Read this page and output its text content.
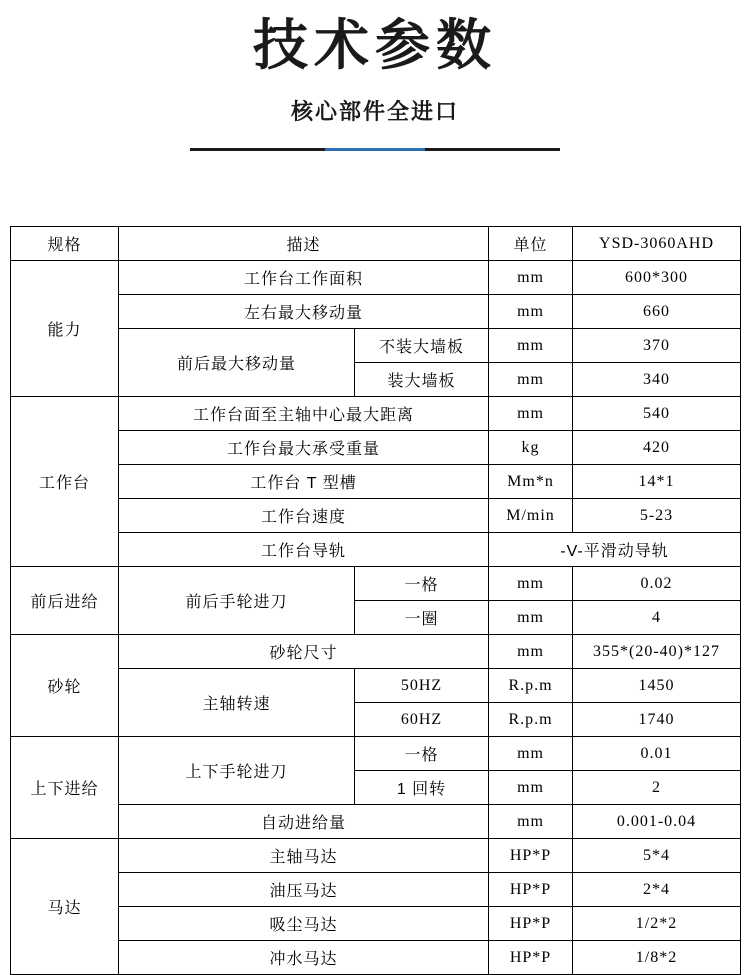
技术参数
核心部件全进口
规格	描述		单位	YSD-3060AHD
能力	工作台工作面积		mm	600*300
	左右最大移动量		mm	660
	前后最大移动量	不装大墙板	mm	370
		装大墙板	mm	340
工作台	工作台面至主轴中心最大距离		mm	540
	工作台最大承受重量		kg	420
	工作台 T 型槽		Mm*n	14*1
	工作台速度		M/min	5-23
	工作台导轨		-V-平滑动导轨	
前后进给	前后手轮进刀	一格	mm	0.02
		一圈	mm	4
砂轮	砂轮尺寸		mm	355*(20-40)*127
	主轴转速	50HZ	R.p.m	1450
		60HZ	R.p.m	1740
上下进给	上下手轮进刀	一格	mm	0.01
		1 回转	mm	2
	自动进给量		mm	0.001-0.04
马达	主轴马达		HP*P	5*4
	油压马达		HP*P	2*4
	吸尘马达		HP*P	1/2*2
	冲水马达		HP*P	1/8*2
